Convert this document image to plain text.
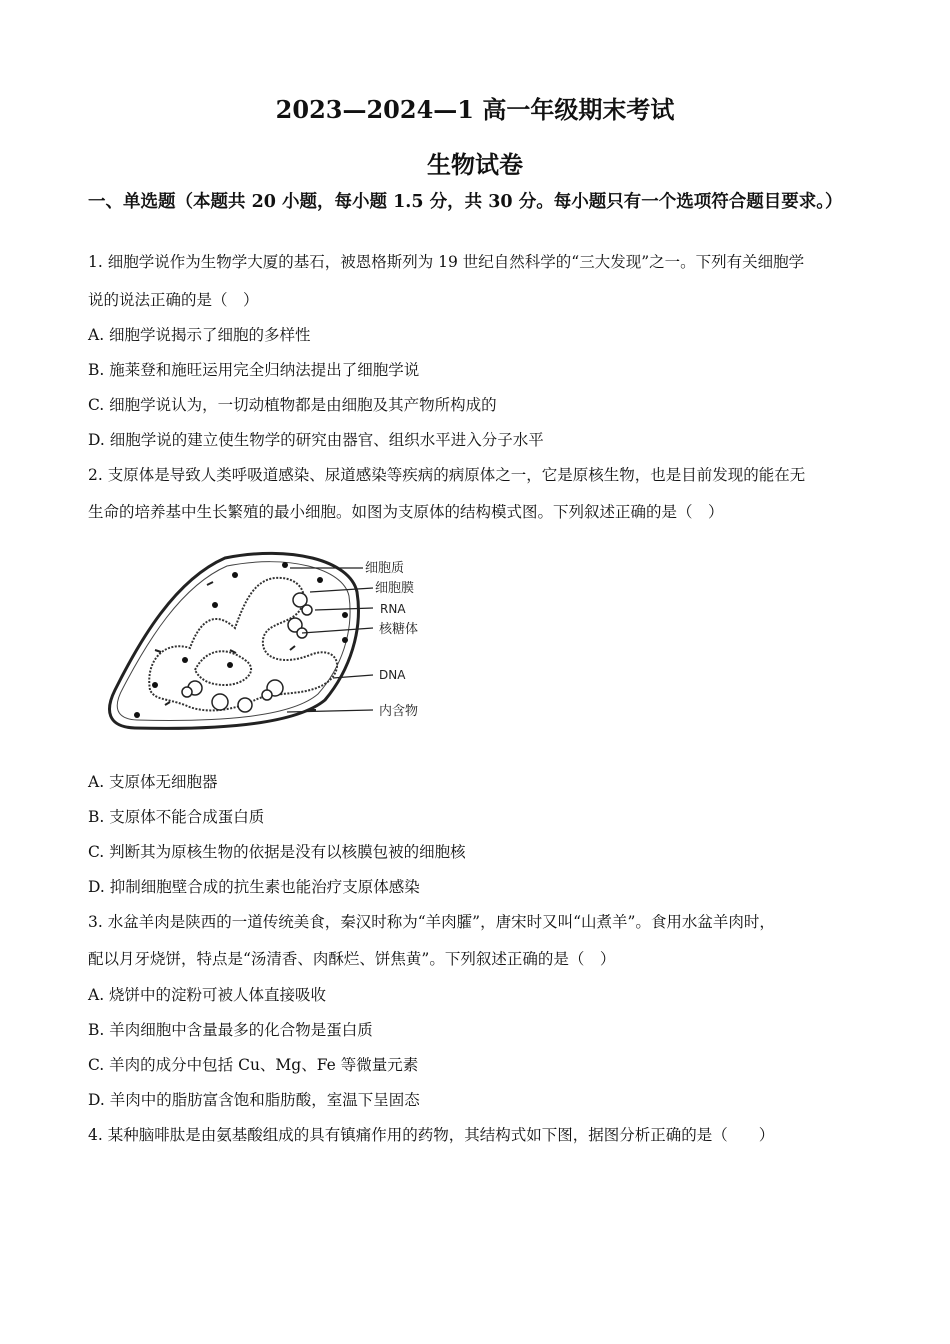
2023—2024—1 高一年级期末考试
生物试卷
一、单选题（本题共 20 小题，每小题 1.5 分，共 30 分。每小题只有一个选项符合题目要求。）
1. 细胞学说作为生物学大厦的基石，被恩格斯列为 19 世纪自然科学的“三大发现”之一。下列有关细胞学
说的说法正确的是（　）
A. 细胞学说揭示了细胞的多样性
B. 施莱登和施旺运用完全归纳法提出了细胞学说
C. 细胞学说认为，一切动植物都是由细胞及其产物所构成的
D. 细胞学说的建立使生物学的研究由器官、组织水平进入分子水平
2. 支原体是导致人类呼吸道感染、尿道感染等疾病的病原体之一，它是原核生物，也是目前发现的能在无
生命的培养基中生长繁殖的最小细胞。如图为支原体的结构模式图。下列叙述正确的是（　）
细胞质
细胞膜
RNA
核糖体
DNA
内含物
A. 支原体无细胞器
B. 支原体不能合成蛋白质
C. 判断其为原核生物的依据是没有以核膜包被的细胞核
D. 抑制细胞壁合成的抗生素也能治疗支原体感染
3. 水盆羊肉是陕西的一道传统美食，秦汉时称为“羊肉臛”，唐宋时又叫“山煮羊”。食用水盆羊肉时，
配以月牙烧饼，特点是“汤清香、肉酥烂、饼焦黄”。下列叙述正确的是（　）
A. 烧饼中的淀粉可被人体直接吸收
B. 羊肉细胞中含量最多的化合物是蛋白质
C. 羊肉的成分中包括 Cu、Mg、Fe 等微量元素
D. 羊肉中的脂肪富含饱和脂肪酸，室温下呈固态
4. 某种脑啡肽是由氨基酸组成的具有镇痛作用的药物，其结构式如下图，据图分析正确的是（　　）
